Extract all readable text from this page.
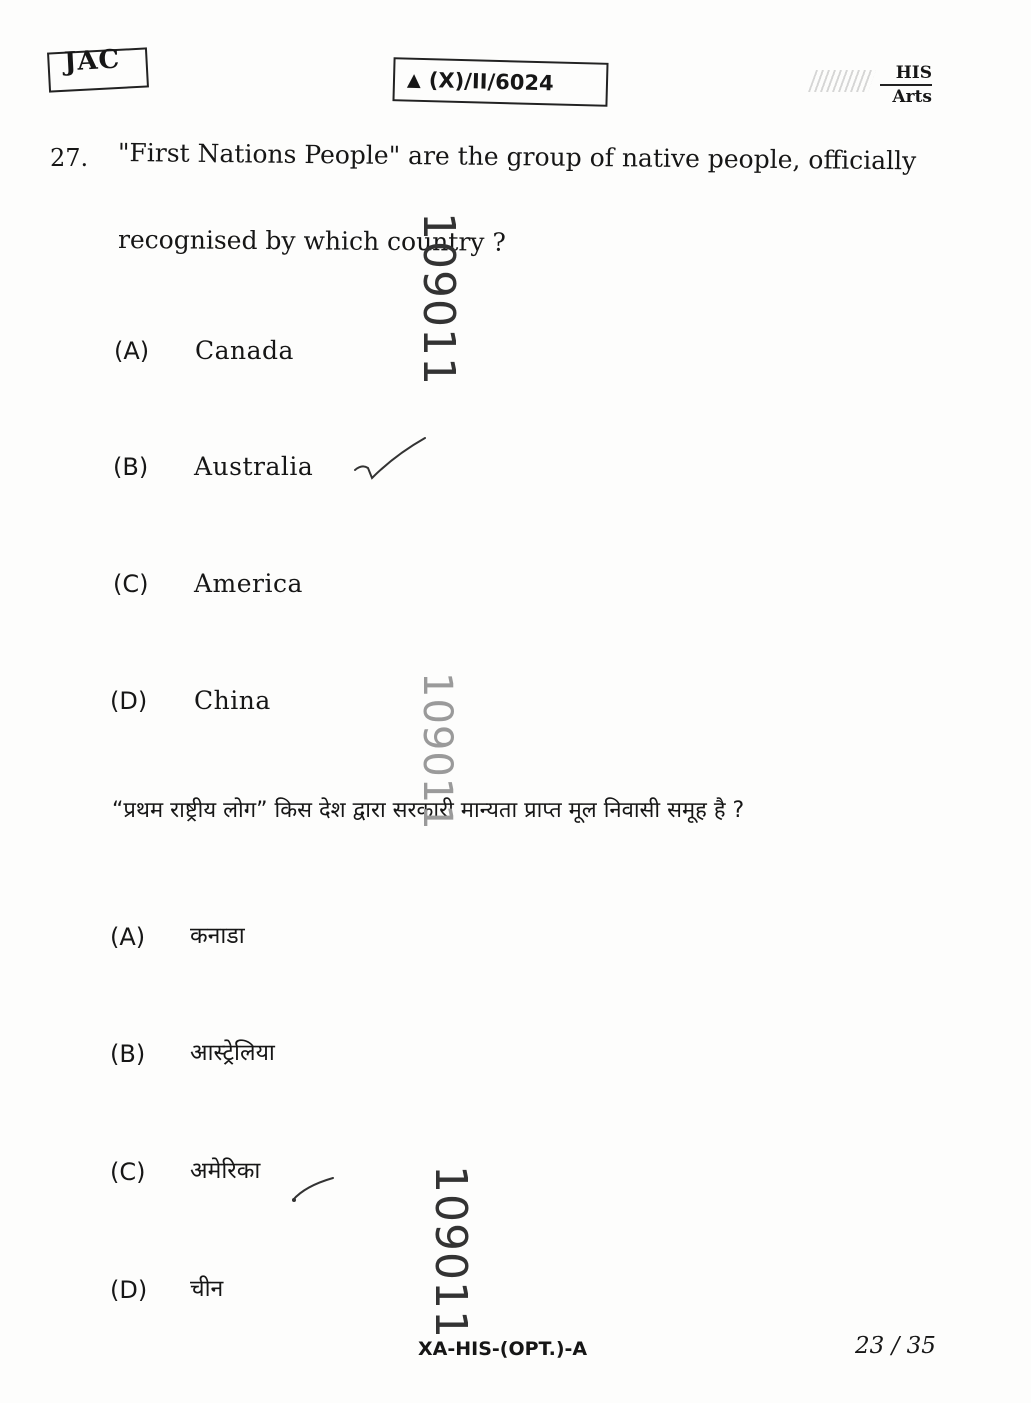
JAC
▲ (X)/II/6024	HIS
Arts
27. "First Nations People" are the group of native people, officially
recognised by which country ?
(A) Canada
(B) Australia
(C) America
(D) China
“प्रथम राष्ट्रीय लोग” किस देश द्वारा सरकारी मान्यता प्राप्त मूल निवासी समूह है ?
(A) कनाडा
(B) आस्ट्रेलिया
(C) अमेरिका
(D) चीन
109011
109011
109011
XA-HIS-(OPT.)-A	23 / 35
